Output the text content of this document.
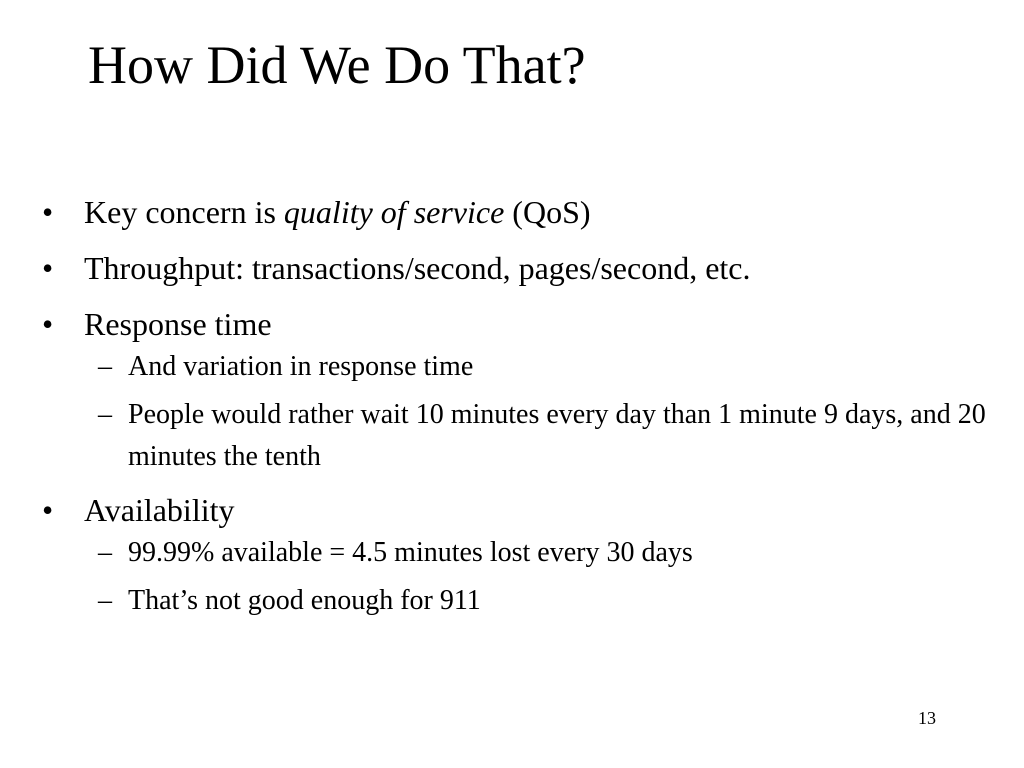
How Did We Do That?
• Key concern is quality of service (QoS)
• Throughput: transactions/second, pages/second, etc.
• Response time
– And variation in response time
– People would rather wait 10 minutes every day than 1 minute 9 days, and 20 minutes the tenth
• Availability
– 99.99% available = 4.5 minutes lost every 30 days
– That’s not good enough for 911
13
